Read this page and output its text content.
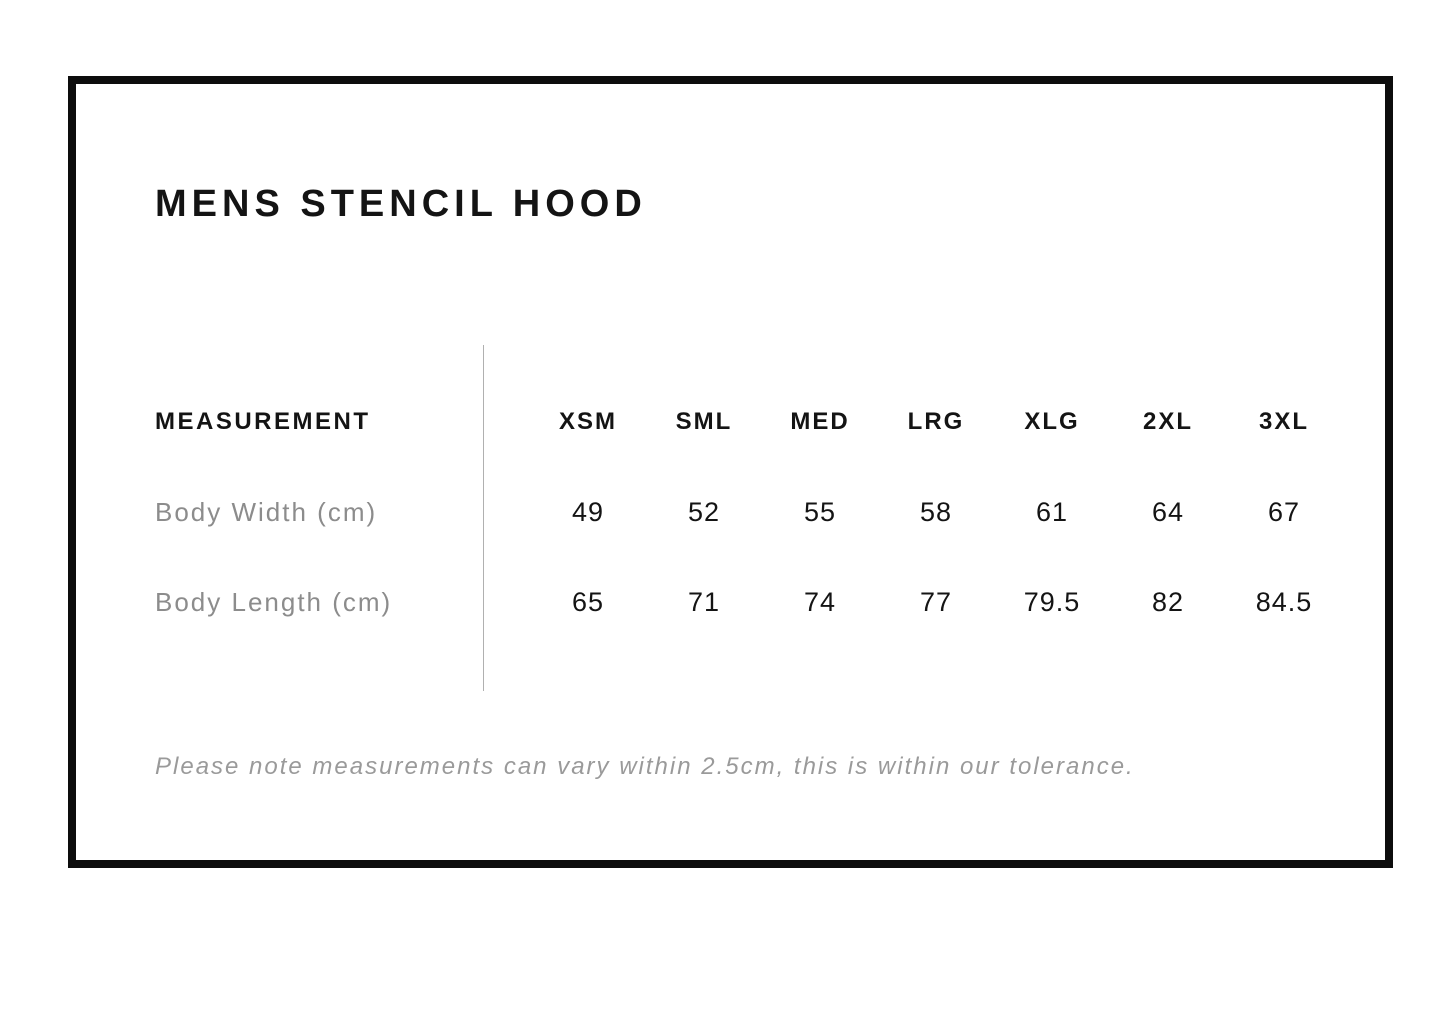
MENS STENCIL HOOD
MEASUREMENT	XSM	SML	MED	LRG	XLG	2XL	3XL
Body Width (cm)	49	52	55	58	61	64	67
Body Length (cm)	65	71	74	77	79.5	82	84.5

Please note measurements can vary within 2.5cm, this is within our tolerance.
